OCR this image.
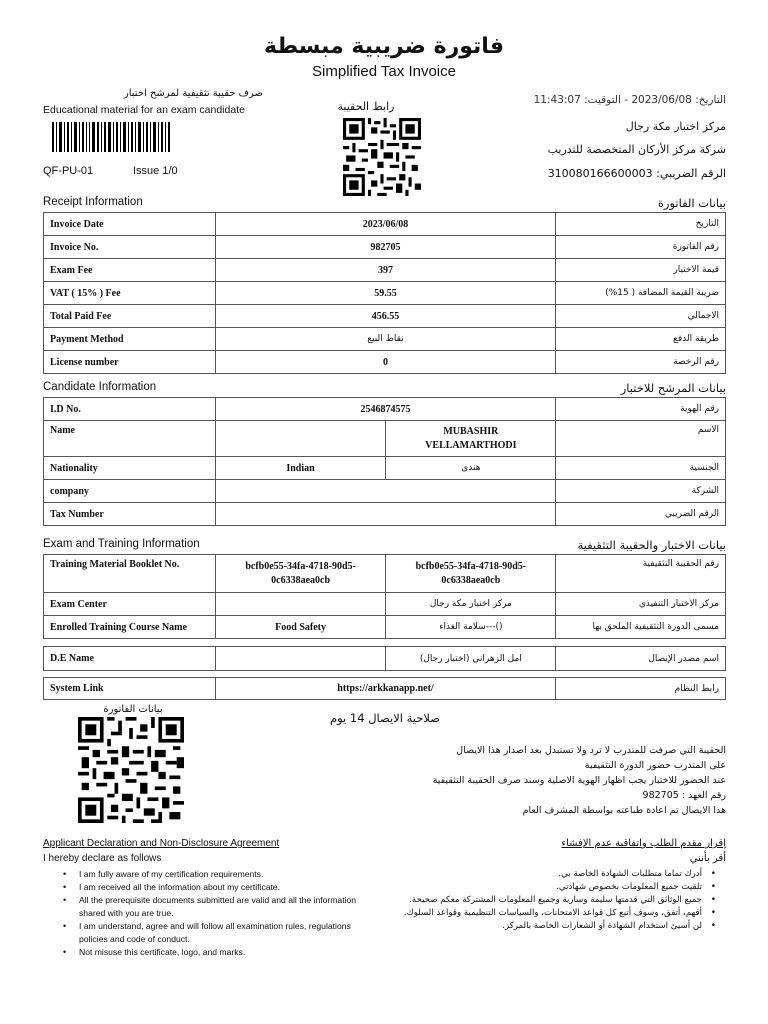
فاتورة ضريبية مبسطة
Simplified Tax Invoice
صرف حقيبة تثقيفية لمرشح اختبار
Educational material for an exam candidate
QF-PU-01	Issue 1/0
رابط الحقيبة	التاريخ: 2023/06/08 - التوقيت: 11:43:07
مركز اختبار مكة رجال
شركة مركز الأركان المتخصصة للتدريب
الرقم الضريبي: 310080166600003
Receipt Information	بيانات الفاتورة
Invoice Date	2023/06/08	التاريخ
Invoice No.	982705	رقم الفاتورة
Exam Fee	397	قيمة الاختبار
VAT ( 15% ) Fee	59.55	ضريبة القيمة المضافة ( 15%)
Total Paid Fee	456.55	الاجمالي
Payment Method	نقاط البيع	طريقة الدفع
License number	0	رقم الرخصة
Candidate Information	بيانات المرشح للاختبار
I.D No.	2546874575		رقم الهوية
Name		MUBASHIR VELLAMARTHODI	الاسم
Nationality	Indian	هندى	الجنسية
company			الشركة
Tax Number			الرقم الضريبي
Exam and Training Information	بيانات الاختبار والحقيبة التثقيفية
Training Material Booklet No.	bcfb0e55-34fa-4718-90d5-0c6338aea0cb	bcfb0e55-34fa-4718-90d5-0c6338aea0cb	رقم الحقيبة التثقيفية
Exam Center		مركز اختبار مكة رجال	مركز الاختبار التنفيذي
Enrolled Training Course Name	Food Safety	()---سلامة الغذاء	مسمى الدورة التثقيفية الملحق بها
D.E Name		امل الزهراني (اختبار رجال)	اسم مصدر الإيصال
System Link	https://arkkanapp.net/	رابط النظام
بيانات الفاتورة
صلاحية الايصال 14 يوم
الحقيبة التي صرفت للمتدرب لا ترد ولا تستبدل بعد اصدار هذا الايصال
على المتدرب حضور الدورة التثقيفية
عند الحضور للاختبار يجب اظهار الهوية الاصلية وسند صرف الحقيبة التثقيفية
رقم العهد : 982705
هذا الايصال تم اعادة طباعته بواسطة المشرف العام
Applicant Declaration and Non-Disclosure Agreement
I hereby declare as follows
• I am fully aware of my certification requirements.
• I am received all the information about my certificate.
• All the prerequisite documents submitted are valid and all the information shared with you are true.
• I am understand, agree and will follow all examination rules, regulations policies and code of conduct.
• Not misuse this certificate, logo, and marks.
إقرار مقدم الطلب واتفاقية عدم الإفشاء
أقر بأنني
• أدرك تماما متطلبات الشهادة الخاصة بي.
• تلقيت جميع المعلومات بخصوص شهادتي.
• جميع الوثائق التي قدمتها سليمة وسارية وجميع المعلومات المشتركة معكم صحيحة.
• أفهم، أتفق، وسوف أتبع كل قواعد الامتحانات، والسياسات التنظيمية وقواعد السلوك.
• لن أسيئ استخدام الشهادة أو الشعارات الخاصة بالمركز.
